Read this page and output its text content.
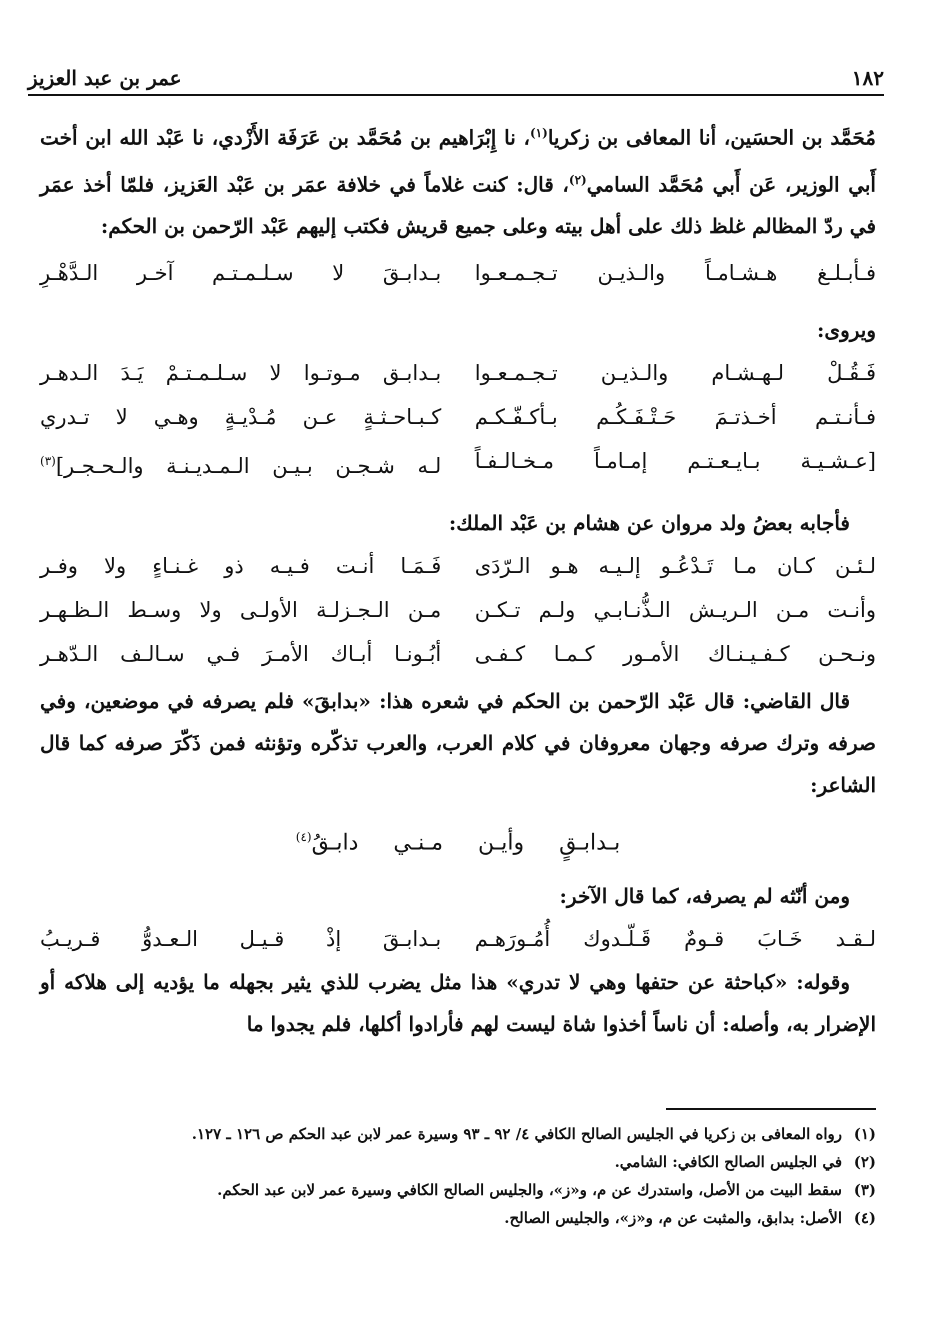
١٨٢
عمر بن عبد العزيز

مُحَمَّد بن الحسَين، أنا المعافى بن زكريا$^{(١)}$، نا إِبْرَاهيم بن مُحَمَّد بن عَرَفَة الأَزْدي، نا عَبْد الله ابن أخت أَبي الوزير، عَن أَبي مُحَمَّد السامي$^{(٢)}$، قال: كنت غلاماً في خلافة عمَر بن عَبْد العَزيز، فلمّا أخذ عمَر في ردّ المظالم غلظ ذلك على أهل بيته وعلى جميع قريش فكتب إليهم عَبْد الرّحمن بن الحكم:

فـأبـلـغ هـشـامـاً والـذيـن تـجـمـعـوا
بـدابـقَ لا سـلـمـتـم آخـر الـدَّهْـرِ

ويروى:

فَـقُـلْ لـهـشـام والـذيـن تـجـمـعـوا
بـدابـق مـوتـوا لا سـلـمـتـمْ يَـدَ الـدهـر
فـأنـتـم أخـذتـمَ حَـتْـفَـكُـم بـأكـفّـكـم
كـبـاحـثـةٍ عـن مُـدْيـةٍ وهـي لا تـدري
[عـشـيـة بـايـعـتـم إمـامـاً مـخـالـفـاً
لـه شـجـن بـيـن الـمـديـنـة والـحـجـر]$^{(٣)}$

فأجابه بعضُ ولد مروان عن هشام بن عَبْد الملك:

لـئـن كـان مـا تَـدْعُـو إلـيـه هـو الـرّدَى
فَـمَـا أنـت فـيـه ذو غـنـاءٍ ولا وفـر
وأنـت مـن الـريـش الـذُّنـابـي ولـم تـكـن
مـن الـجـزلـة الأولـى ولا وسـط الـظـهـر
ونـحـن كـفـيـنـاك الأمـور كـمـا كـفـى
أبُـونـا أبـاك الأمـرَ فـي سـالـف الـدّهـر

قال القاضي: قال عَبْد الرّحمن بن الحكم في شعره هذا: «بدابقَ» فلم يصرفه في موضعين، وفي صرفه وترك صرفه وجهان معروفان في كلام العرب، والعرب تذكّره وتؤنثه فمن ذَكّرَ صرفه كما قال الشاعر:

بـدابـقٍ وأيـن مـنـي دابـقُ$^{(٤)}$

ومن أنّثه لم يصرفه، كما قال الآخر:

لـقـد خَـابَ قـومٌ قَـلّـدوك أُمُـورَهـم
بـدابـقَ إذْ قـيـل الـعـدوُّ قـريـبُ

وقوله: «كباحثة عن حتفها وهي لا تدري» هذا مثل يضرب للذي يثير بجهله ما يؤديه إلى هلاكه أو الإضرار به، وأصله: أن ناساً أخذوا شاة ليست لهم فأرادوا أكلها، فلم يجدوا ما

(١)رواه المعافى بن زكريا في الجليس الصالح الكافي ٤/ ٩٢ ـ ٩٣ وسيرة عمر لابن عبد الحكم ص ١٢٦ ـ ١٢٧.

(٢)في الجليس الصالح الكافي: الشامي.

(٣)سقط البيت من الأصل، واستدرك عن م، و«ز»، والجليس الصالح الكافي وسيرة عمر لابن عبد الحكم.

(٤)الأصل: بدابق، والمثبت عن م، و«ز»، والجليس الصالح.
